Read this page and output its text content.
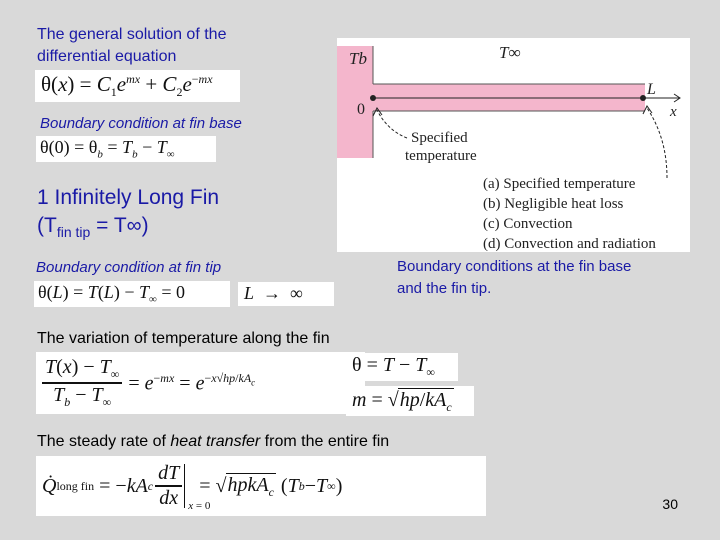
The general solution of the differential equation

$\theta(x) = C_1e^{mx} + C_2e^{-mx}$

Boundary condition at fin base

$\theta(0) = \theta_b = T_b - T_\infty$

1 Infinitely Long Fin

$(T_{fin tip} = T\infty)$

Boundary condition at fin tip

$\theta(L) = T(L) - T_\infty = 0$	L  →  ∞
Tb	T∞
0
L
x
Specified
temperature
(a) Specified temperature
(b) Negligible heat loss
(c) Convection
(d) Convection and radiation

Boundary conditions at the fin base and the fin tip.

The variation of temperature along the fin

$\frac{T(x) - T_\infty}{T_b - T_\infty} = e^{-mx} = e^{-x√hp/kA_c}$
$\theta = T - T_\infty$
$m = √hp/kA_c$

The steady rate of heat transfer from the entire fin

Q̇ long fin = − kA c $\frac{dT}{dx}$ x = 0
= √ hpkA$_c$ ( T b − T ∞ )
30
